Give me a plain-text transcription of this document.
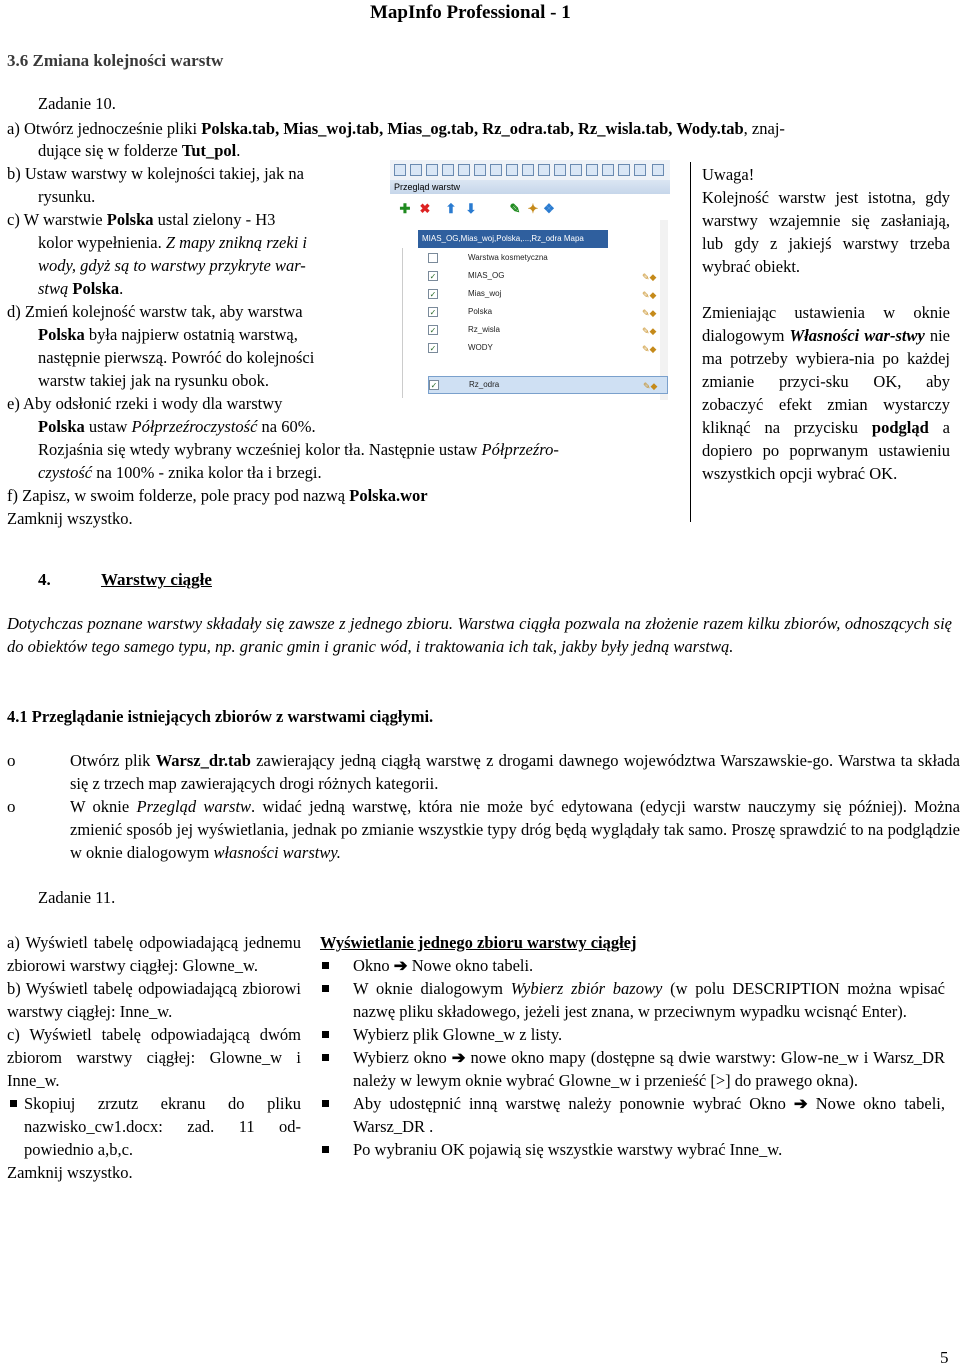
MapInfo Professional - 1
3.6 Zmiana kolejności warstw
Zadanie 10.
a) Otwórz jednocześnie pliki Polska.tab, Mias_woj.tab, Mias_og.tab, Rz_odra.tab, Rz_wisla.tab, Wody.tab, znaj-
dujące się w folderze Tut_pol.
b) Ustaw warstwy w kolejności takiej, jak na
rysunku.
c) W warstwie Polska ustal zielony - H3
kolor wypełnienia. Z mapy znikną rzeki i
wody, gdyż są to warstwy przykryte war-
stwą Polska.
d) Zmień kolejność warstw tak, aby warstwa
Polska była najpierw ostatnią warstwą,
następnie pierwszą. Powróć do kolejności
warstw takiej jak na rysunku obok.
e) Aby odsłonić rzeki i wody dla warstwy
Polska ustaw Półprzeźroczystość na 60%.
Rozjaśnia się wtedy wybrany wcześniej kolor tła. Następnie ustaw Półprzeźro-
czystość na 100% - znika kolor tła i brzegi.
f) Zapisz, w swoim folderze, pole pracy pod nazwą Polska.wor
Zamknij wszystko.
Przegląd warstw
✚ ✖ ⬆ ⬇	✎ ✦ ❖
MIAS_OG,Mias_woj,Polska,...,Rz_odra Mapa
Warstwa kosmetyczna
✓	MIAS_OG	✎◆
✓	Mias_woj	✎◆
✓	Polska	✎◆
✓	Rz_wisla	✎◆
✓	WODY	✎◆
✓	Rz_odra	✎◆

Uwaga!

Kolejność warstw jest istotna, gdy warstwy wzajemnie się zasłaniają, lub gdy z jakiejś warstwy trzeba wybrać obiekt.

Zmieniając ustawienia w oknie dialogowym Własności war-stwy nie ma potrzeby wybiera-nia po każdej zmianie przyci-sku OK, aby zobaczyć efekt zmian wystarczy kliknąć na przycisku podgląd a dopiero po poprwanym ustawieniu wszystkich opcji wybrać OK.

4.	Warstwy ciągłe
Dotychczas poznane warstwy składały się zawsze z jednego zbioru. Warstwa ciągła pozwala na złożenie razem kilku zbiorów, odnoszących się do obiektów tego samego typu, np. granic gmin i granic wód, i traktowania ich tak, jakby były jedną warstwą.
4.1 Przeglądanie istniejących zbiorów z warstwami ciągłymi.
o	Otwórz plik Warsz_dr.tab zawierający jedną ciągłą warstwę z drogami dawnego województwa Warszawskie-go. Warstwa ta składa się z trzech map zawierających drogi różnych kategorii.
o	W oknie Przegląd warstw. widać jedną warstwę, która nie może być edytowana (edycji warstw nauczymy się później). Można zmienić sposób jej wyświetlania, jednak po zmianie wszystkie typy dróg będą wyglądały tak samo. Proszę sprawdzić to na podglądzie w oknie dialogowym własności warstwy.
Zadanie 11.
a) Wyświetl tabelę odpowiadającą jednemu zbiorowi warstwy ciągłej: Glowne_w.
b) Wyświetl tabelę odpowiadającą zbiorowi warstwy ciągłej: Inne_w.
c) Wyświetl tabelę odpowiadającą dwóm zbiorom warstwy ciągłej: Glowne_w i Inne_w.
Skopiuj zrzutz ekranu do pliku nazwisko_cw1.docx: zad. 11 od-powiednio a,b,c.
Zamknij wszystko.
Wyświetlanie jednego zbioru warstwy ciągłej
Okno ➔ Nowe okno tabeli.
W oknie dialogowym Wybierz zbiór bazowy (w polu DESCRIPTION można wpisać nazwę pliku składowego, jeżeli jest znana, w przeciwnym wypadku wcisnąć Enter).
Wybierz plik Glowne_w z listy.
Wybierz okno ➔ nowe okno mapy (dostępne są dwie warstwy: Glow-ne_w i Warsz_DR należy w lewym oknie wybrać Glowne_w i przenieść [>] do prawego okna).
Aby udostępnić inną warstwę należy ponownie wybrać Okno ➔ Nowe okno tabeli, Warsz_DR .
Po wybraniu OK pojawią się wszystkie warstwy wybrać Inne_w.
5
